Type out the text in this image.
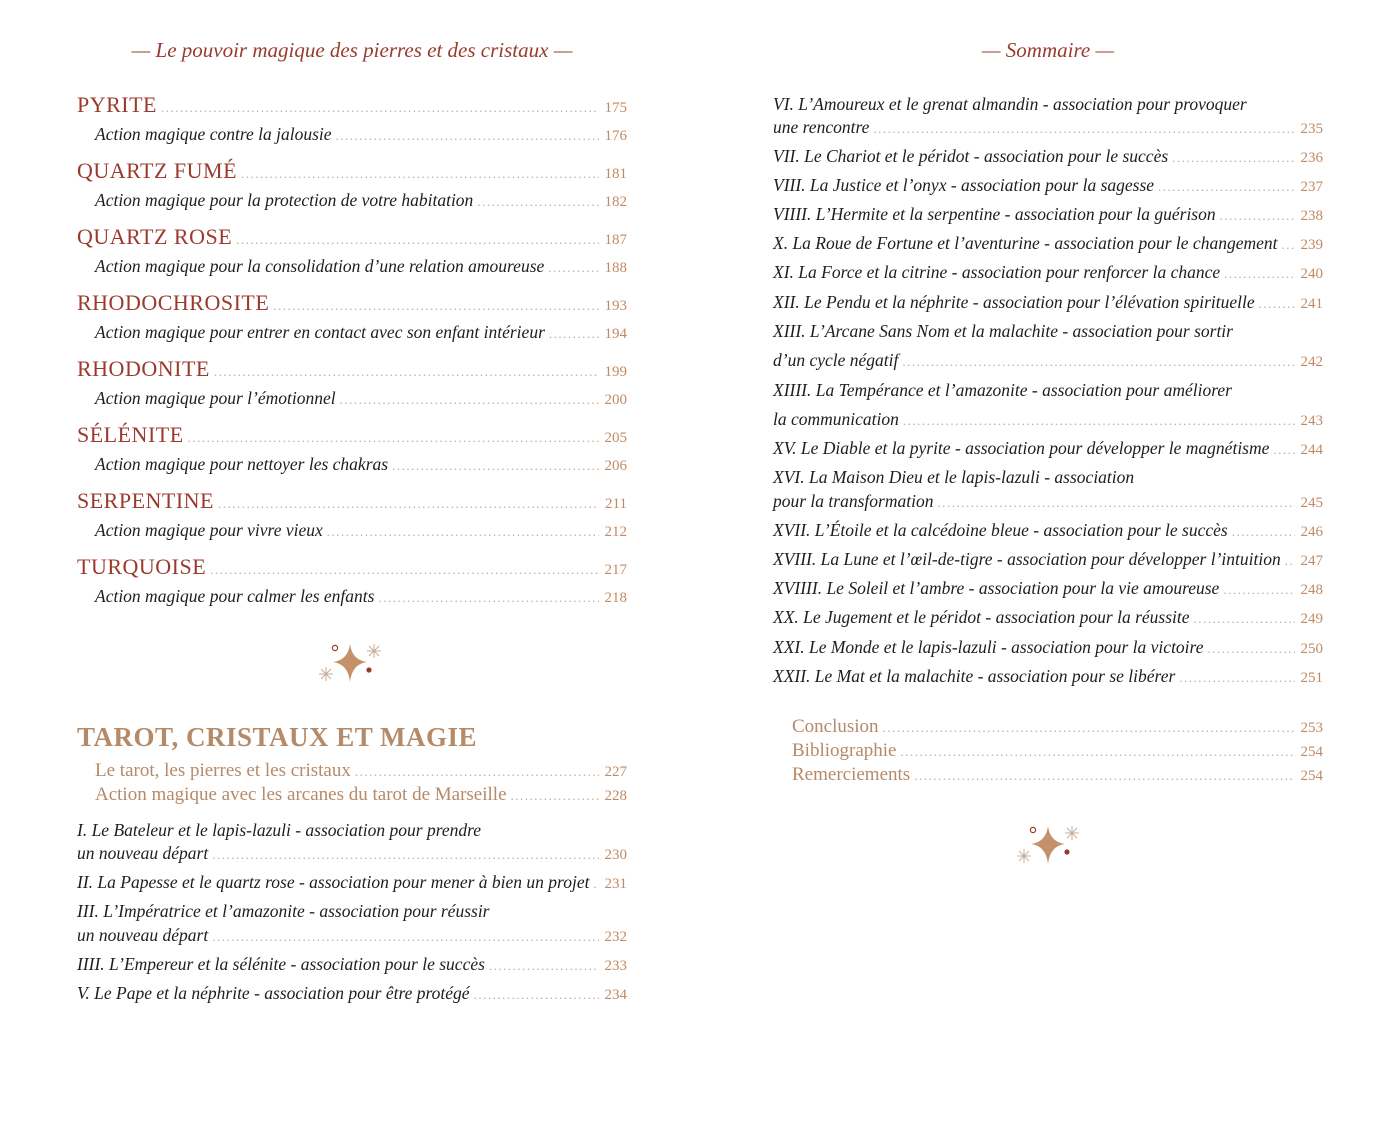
— Le pouvoir magique des pierres et des cristaux —
PYRITE .....	175
Action magique contre la jalousie .....	176
QUARTZ FUMÉ .....	181
Action magique pour la protection de votre habitation .....	182
QUARTZ ROSE .....	187
Action magique pour la consolidation d’une relation amoureuse .....	188
RHODOCHROSITE .....	193
Action magique pour entrer en contact avec son enfant intérieur .....	194
RHODONITE .....	199
Action magique pour l’émotionnel .....	200
SÉLÉNITE .....	205
Action magique pour nettoyer les chakras .....	206
SERPENTINE .....	211
Action magique pour vivre vieux .....	212
TURQUOISE .....	217
Action magique pour calmer les enfants .....	218
TAROT, CRISTAUX ET MAGIE
Le tarot, les pierres et les cristaux .....	227
Action magique avec les arcanes du tarot de Marseille .....	228
I. Le Bateleur et le lapis-lazuli - association pour prendre
un nouveau départ .....	230
II. La Papesse et le quartz rose - association pour mener à bien un projet ..... 231
III. L’Impératrice et l’amazonite - association pour réussir
un nouveau départ .....	232
IIII. L’Empereur et la sélénite - association pour le succès .....	233
V. Le Pape et la néphrite - association pour être protégé .....	234
— Sommaire —
VI. L’Amoureux et le grenat almandin - association pour provoquer
une rencontre .....	235
VII. Le Chariot et le péridot - association pour le succès .....	236
VIII. La Justice et l’onyx - association pour la sagesse .....	237
VIIII. L’Hermite et la serpentine - association pour la guérison .....	238
X. La Roue de Fortune et l’aventurine - association pour le changement ..... 239
XI. La Force et la citrine - association pour renforcer la chance .....	240
XII. Le Pendu et la néphrite - association pour l’élévation spirituelle .....	241
XIII. L’Arcane Sans Nom et la malachite - association pour sortir
d’un cycle négatif .....	242
XIIII. La Tempérance et l’amazonite - association pour améliorer
la communication .....	243
XV. Le Diable et la pyrite - association pour développer le magnétisme ..... 244
XVI. La Maison Dieu et le lapis-lazuli - association
pour la transformation .....	245
XVII. L’Étoile et la calcédoine bleue - association pour le succès .....	246
XVIII. La Lune et l’œil-de-tigre - association pour développer l’intuition ..... 247
XVIIII. Le Soleil et l’ambre - association pour la vie amoureuse .....	248
XX. Le Jugement et le péridot - association pour la réussite .....	249
XXI. Le Monde et le lapis-lazuli - association pour la victoire .....	250
XXII. Le Mat et la malachite - association pour se libérer .....	251
Conclusion .....	253
Bibliographie .....	254
Remerciements .....	254
